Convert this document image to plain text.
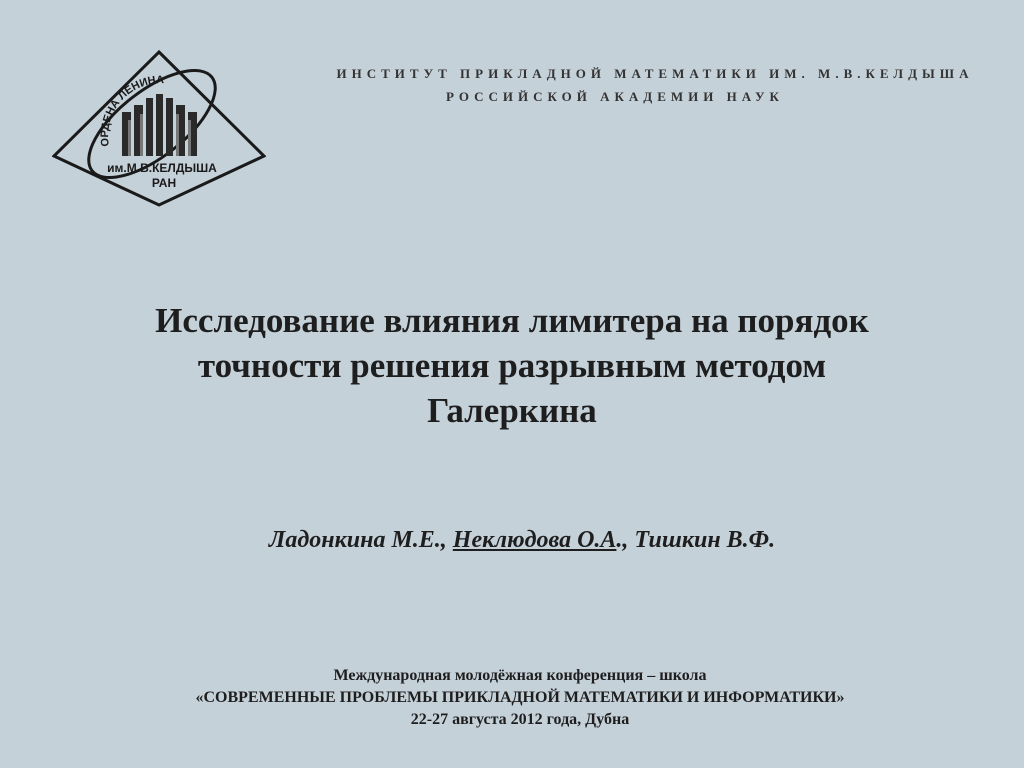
ОРДЕНА ЛЕНИНА
им.М.В.КЕЛДЫША
РАН
ИНСТИТУТ ПРИКЛАДНОЙ МАТЕМАТИКИ ИМ. М.В.КЕЛДЫША
РОССИЙСКОЙ АКАДЕМИИ НАУК
Исследование влияния лимитера на порядок
точности решения разрывным методом
Галеркина
Ладонкина М.Е., Неклюдова О.А., Тишкин В.Ф.
Международная молодёжная конференция – школа
«СОВРЕМЕННЫЕ ПРОБЛЕМЫ ПРИКЛАДНОЙ МАТЕМАТИКИ И ИНФОРМАТИКИ»
22-27 августа 2012 года, Дубна
